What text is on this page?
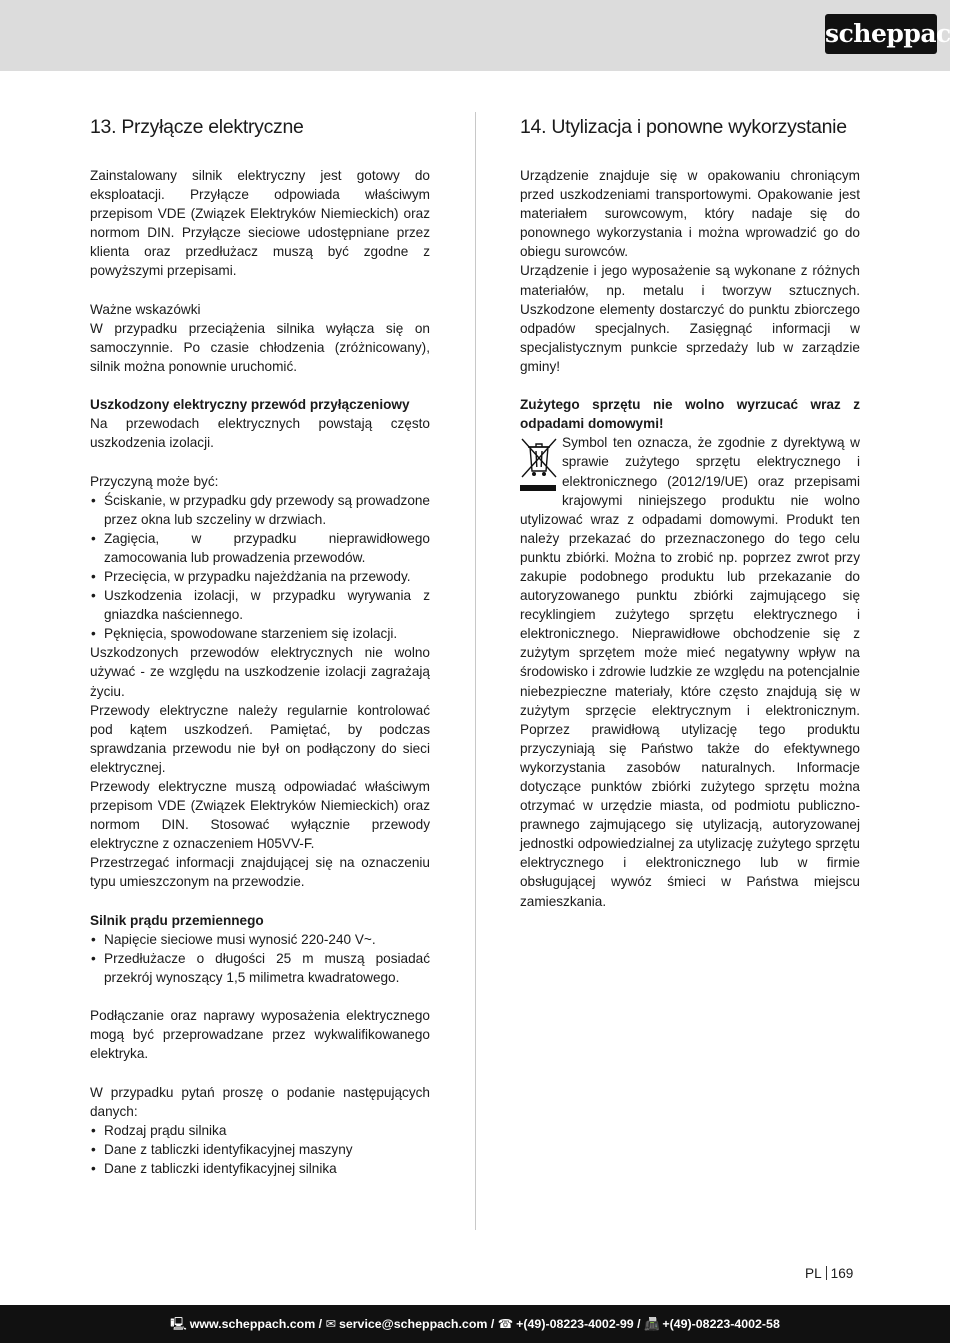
scheppach
13. Przyłącze elektryczne

Zainstalowany silnik elektryczny jest gotowy do eksploatacji. Przyłącze odpowiada właściwym przepisom VDE (Związek Elektryków Niemieckich) oraz normom DIN. Przyłącze sieciowe udostępniane przez klienta oraz przedłużacz muszą być zgodne z powyższymi przepisami.

Ważne wskazówki

W przypadku przeciążenia silnika wyłącza się on samoczynnie. Po czasie chłodzenia (zróżnicowany), silnik można ponownie uruchomić.

Uszkodzony elektryczny przewód przyłączeniowy

Na przewodach elektrycznych powstają często uszkodzenia izolacji.

Przyczyną może być:

• Ściskanie, w przypadku gdy przewody są prowadzone przez okna lub szczeliny w drzwiach.
• Zagięcia, w przypadku nieprawidłowego zamocowania lub prowadzenia przewodów.
• Przecięcia, w przypadku najeżdżania na przewody.
• Uszkodzenia izolacji, w przypadku wyrywania z gniazdka naściennego.
• Pęknięcia, spowodowane starzeniem się izolacji.

Uszkodzonych przewodów elektrycznych nie wolno używać - ze względu na uszkodzenie izolacji zagrażają życiu.

Przewody elektryczne należy regularnie kontrolować pod kątem uszkodzeń. Pamiętać, by podczas sprawdzania przewodu nie był on podłączony do sieci elektrycznej.

Przewody elektryczne muszą odpowiadać właściwym przepisom VDE (Związek Elektryków Niemieckich) oraz normom DIN. Stosować wyłącznie przewody elektryczne z oznaczeniem H05VV-F.

Przestrzegać informacji znajdującej się na oznaczeniu typu umieszczonym na przewodzie.

Silnik prądu przemiennego

• Napięcie sieciowe musi wynosić 220-240 V~.
• Przedłużacze o długości 25 m muszą posiadać przekrój wynoszący 1,5 milimetra kwadratowego.

Podłączanie oraz naprawy wyposażenia elektrycznego mogą być przeprowadzane przez wykwalifikowanego elektryka.

W przypadku pytań proszę o podanie następujących danych:

• Rodzaj prądu silnika
• Dane z tabliczki identyfikacyjnej maszyny
• Dane z tabliczki identyfikacyjnej silnika
14. Utylizacja i ponowne wykorzystanie

Urządzenie znajduje się w opakowaniu chroniącym przed uszkodzeniami transportowymi. Opakowanie jest materiałem surowcowym, który nadaje się do ponownego wykorzystania i można wprowadzić go do obiegu surowców.

Urządzenie i jego wyposażenie są wykonane z różnych materiałów, np. metalu i tworzyw sztucznych. Uszkodzone elementy dostarczyć do punktu zbiorczego odpadów specjalnych. Zasięgnąć informacji w specjalistycznym punkcie sprzedaży lub w zarządzie gminy!

Zużytego sprzętu nie wolno wyrzucać wraz z odpadami domowymi!

Symbol ten oznacza, że zgodnie z dyrektywą w sprawie zużytego sprzętu elektrycznego i elektronicznego (2012/19/UE) oraz przepisami krajowymi niniejszego produktu nie wolno utylizować wraz z odpadami domowymi. Produkt ten należy przekazać do przeznaczonego do tego celu punktu zbiórki. Można to zrobić np. poprzez zwrot przy zakupie podobnego produktu lub przekazanie do autoryzowanego punktu zbiórki zajmującego się recyklingiem zużytego sprzętu elektrycznego i elektronicznego. Nieprawidłowe obchodzenie się z zużytym sprzętem może mieć negatywny wpływ na środowisko i zdrowie ludzkie ze względu na potencjalnie niebezpieczne materiały, które często znajdują się w zużytym sprzęcie elektrycznym i elektronicznym. Poprzez prawidłową utylizację tego produktu przyczyniają się Państwo także do efektywnego wykorzystania zasobów naturalnych. Informacje dotyczące punktów zbiórki zużytego sprzętu można otrzymać w urzędzie miasta, od podmiotu publiczno-prawnego zajmującego się utylizacją, autoryzowanej jednostki odpowiedzialnej za utylizację zużytego sprzętu elektrycznego i elektronicznego lub w firmie obsługującej wywóz śmieci w Państwa miejscu zamieszkania.

PL 169
🖳 www.scheppach.com / ✉ service@scheppach.com / ☎ +(49)-08223-4002-99 / 📠 +(49)-08223-4002-58
